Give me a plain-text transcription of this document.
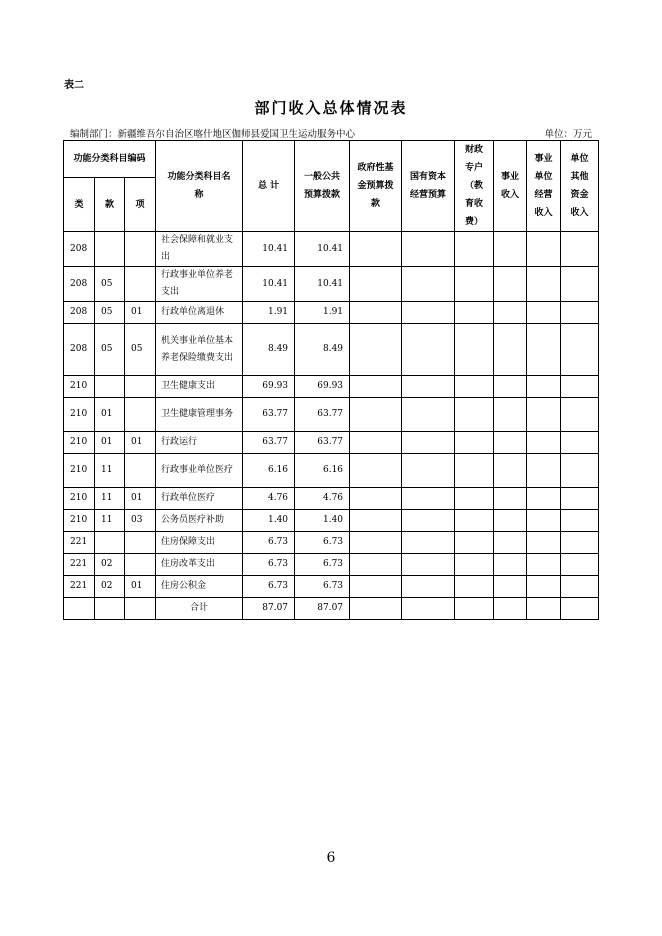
表二
部门收入总体情况表
编制部门：新疆维吾尔自治区喀什地区伽师县爱国卫生运动服务中心	单位：万元
功能分类科目编码			功能分类科目名称	总 计	一般公共预算拨款	政府性基金预算拨款	国有资本经营预算	财政专户（教育收费）	事业收入	事业单位经营收入	单位其他资金收入
类	款	项									
208			社会保障和就业支出	10.41	10.41						
208	05		行政事业单位养老支出	10.41	10.41						
208	05	01	行政单位离退休	1.91	1.91						
208	05	05	机关事业单位基本养老保险缴费支出	8.49	8.49						
210			卫生健康支出	69.93	69.93						
210	01		卫生健康管理事务	63.77	63.77						
210	01	01	行政运行	63.77	63.77						
210	11		行政事业单位医疗	6.16	6.16						
210	11	01	行政单位医疗	4.76	4.76						
210	11	03	公务员医疗补助	1.40	1.40						
221			住房保障支出	6.73	6.73						
221	02		住房改革支出	6.73	6.73						
221	02	01	住房公积金	6.73	6.73						
			合计	87.07	87.07						
6
